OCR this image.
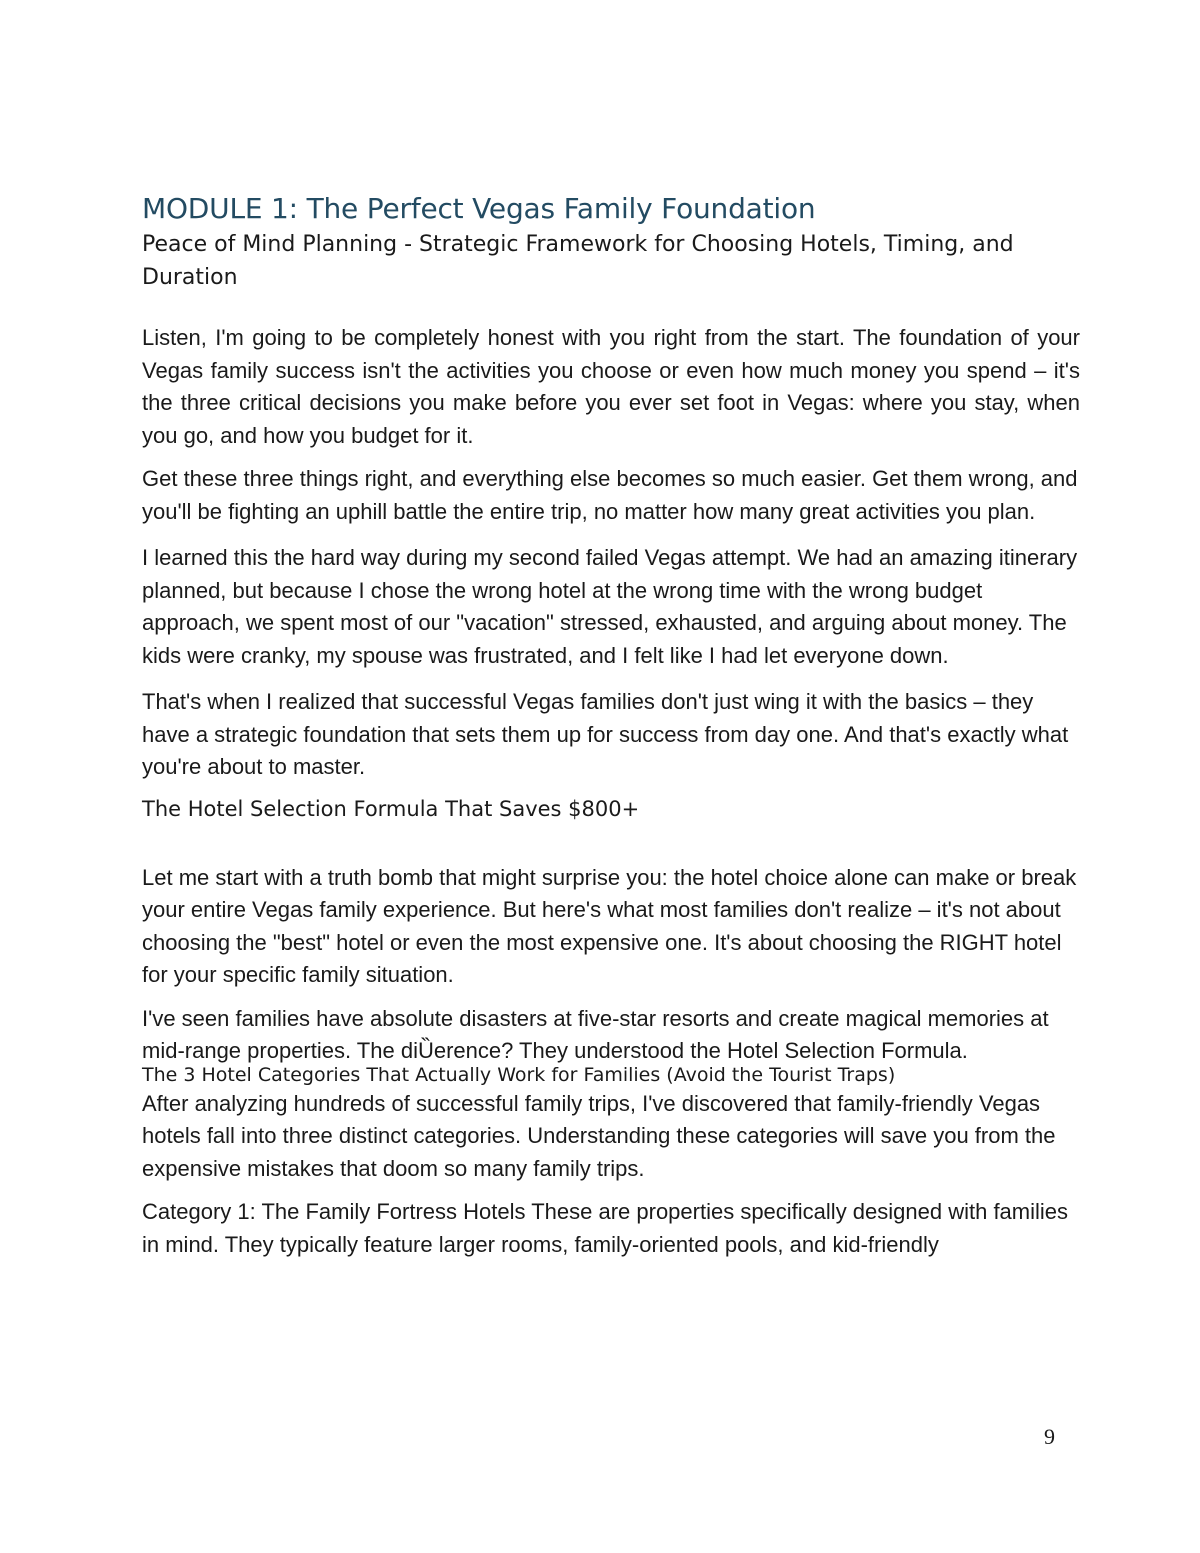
MODULE 1: The Perfect Vegas Family Foundation

Peace of Mind Planning - Strategic Framework for Choosing Hotels, Timing, and Duration

Listen, I'm going to be completely honest with you right from the start. The foundation of your Vegas family success isn't the activities you choose or even how much money you spend – it's the three critical decisions you make before you ever set foot in Vegas: where you stay, when you go, and how you budget for it.

Get these three things right, and everything else becomes so much easier. Get them wrong, and you'll be fighting an uphill battle the entire trip, no matter how many great activities you plan.

I learned this the hard way during my second failed Vegas attempt. We had an amazing itinerary planned, but because I chose the wrong hotel at the wrong time with the wrong budget approach, we spent most of our "vacation" stressed, exhausted, and arguing about money. The kids were cranky, my spouse was frustrated, and I felt like I had let everyone down.

That's when I realized that successful Vegas families don't just wing it with the basics – they have a strategic foundation that sets them up for success from day one. And that's exactly what you're about to master.

The Hotel Selection Formula That Saves $800+

Let me start with a truth bomb that might surprise you: the hotel choice alone can make or break your entire Vegas family experience. But here's what most families don't realize – it's not about choosing the "best" hotel or even the most expensive one. It's about choosing the RIGHT hotel for your specific family situation.

I've seen families have absolute disasters at five-star resorts and create magical memories at mid-range properties. The diȔerence? They understood the Hotel Selection Formula.

The 3 Hotel Categories That Actually Work for Families (Avoid the Tourist Traps)

After analyzing hundreds of successful family trips, I've discovered that family-friendly Vegas hotels fall into three distinct categories. Understanding these categories will save you from the expensive mistakes that doom so many family trips.

Category 1: The Family Fortress Hotels These are properties specifically designed with families in mind. They typically feature larger rooms, family-oriented pools, and kid-friendly

9
